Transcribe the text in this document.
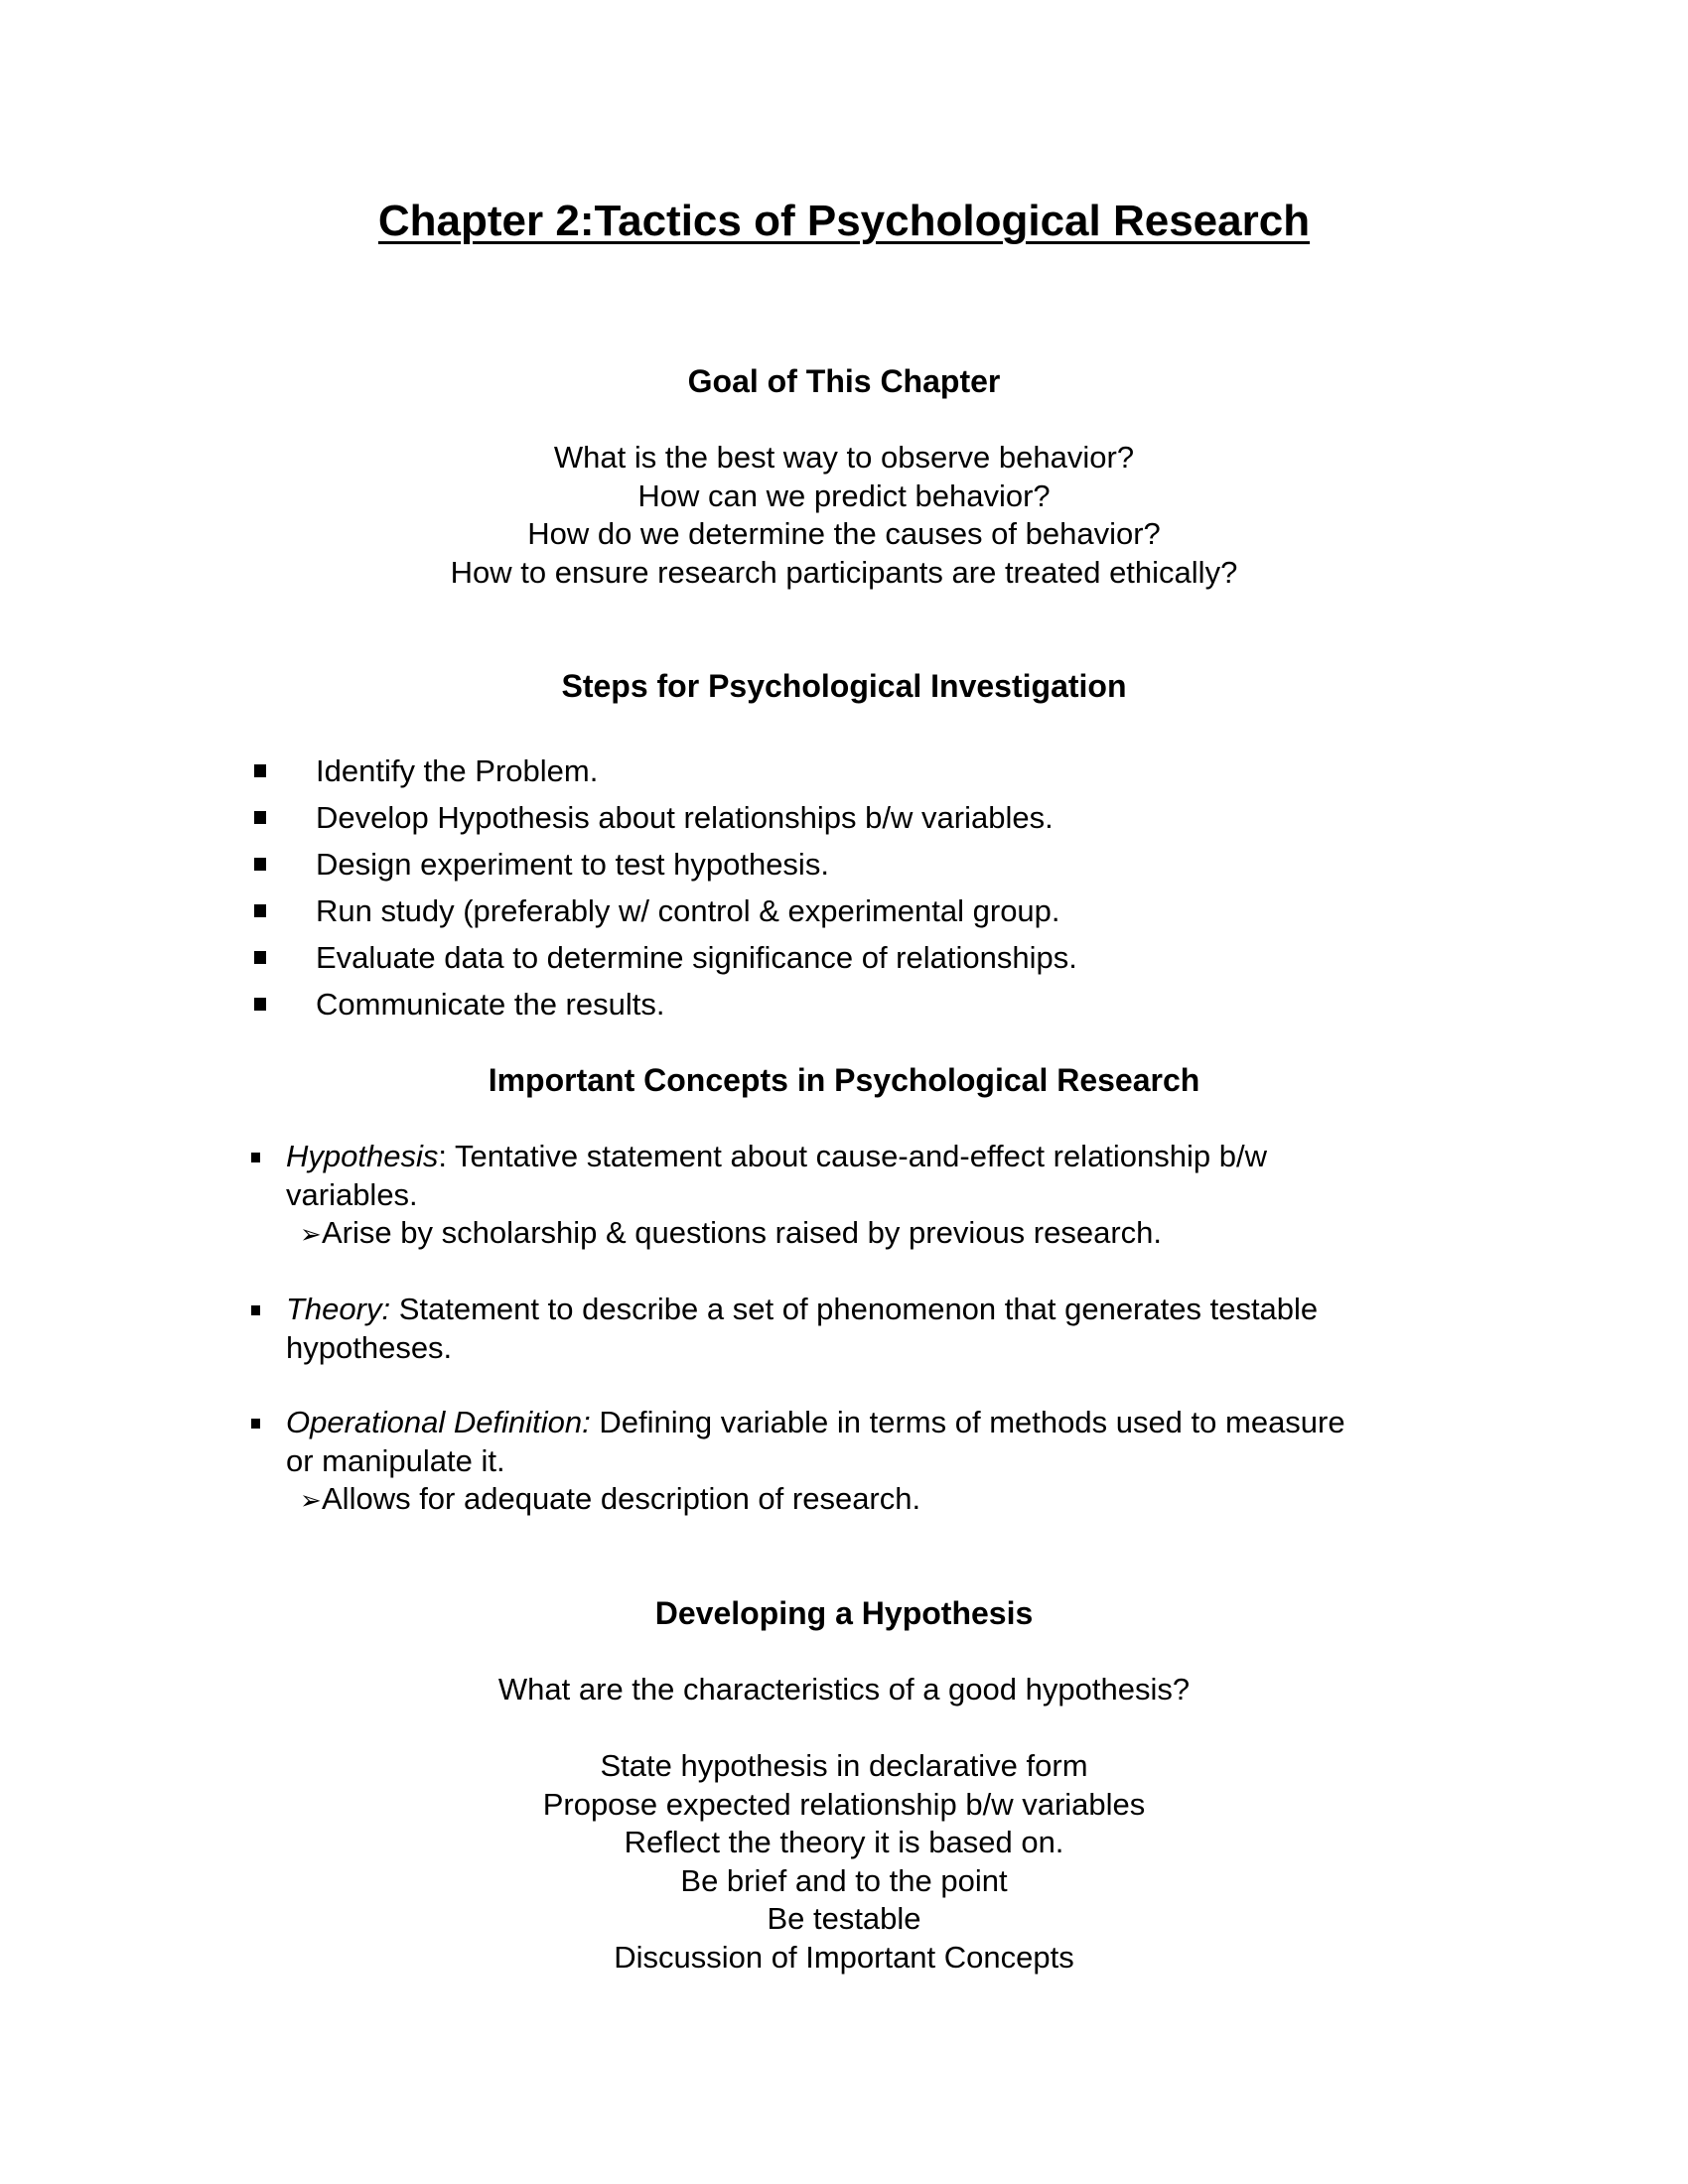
Chapter 2:Tactics of Psychological Research
Goal of This Chapter
What is the best way to observe behavior?
How can we predict behavior?
How do we determine the causes of behavior?
How to ensure research participants are treated ethically?
Steps for Psychological Investigation
Identify the Problem.
Develop Hypothesis about relationships b/w variables.
Design experiment to test hypothesis.
Run study (preferably w/ control & experimental group.
Evaluate data to determine significance of relationships.
Communicate the results.
Important Concepts in Psychological Research
Hypothesis: Tentative statement about cause-and-effect relationship b/w
variables.
➢Arise by scholarship & questions raised by previous research.
Theory: Statement to describe a set of phenomenon that generates testable
hypotheses.
Operational Definition: Defining variable in terms of methods used to measure
or manipulate it.
➢Allows for adequate description of research.
Developing a Hypothesis
What are the characteristics of a good hypothesis?
State hypothesis in declarative form
Propose expected relationship b/w variables
Reflect the theory it is based on.
Be brief and to the point
Be testable
Discussion of Important Concepts
